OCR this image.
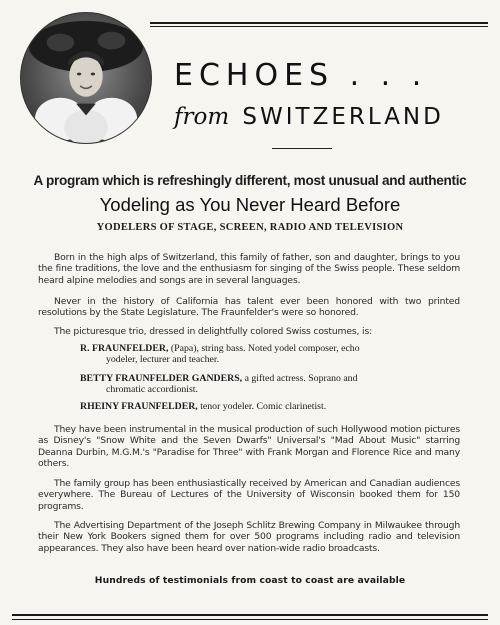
ECHOES . . .
from SWITZERLAND
A program which is refreshingly different, most unusual and authentic
Yodeling as You Never Heard Before
YODELERS OF STAGE, SCREEN, RADIO AND TELEVISION

Born in the high alps of Switzerland, this family of father, son and daughter, brings to you the fine traditions, the love and the enthusiasm for singing of the Swiss people. These seldom heard alpine melodies and songs are in several languages.

Never in the history of California has talent ever been honored with two printed resolutions by the State Legislature. The Fraunfelder's were so honored.

The picturesque trio, dressed in delightfully colored Swiss costumes, is:

R. FRAUNFELDER, (Papa), string bass. Noted yodel composer, echo
yodeler, lecturer and teacher.
BETTY FRAUNFELDER GANDERS, a gifted actress. Soprano and
chromatic accordionist.
RHEINY FRAUNFELDER, tenor yodeler. Comic clarinetist.

They have been instrumental in the musical production of such Hollywood motion pictures as Disney's "Snow White and the Seven Dwarfs" Universal's "Mad About Music" starring Deanna Durbin, M.G.M.'s "Paradise for Three" with Frank Morgan and Florence Rice and many others.

The family group has been enthusiastically received by American and Canadian audiences everywhere. The Bureau of Lectures of the University of Wisconsin booked them for 150 programs.

The Advertising Department of the Joseph Schlitz Brewing Company in Milwaukee through their New York Bookers signed them for over 500 programs including radio and television appearances. They also have been heard over nation-wide radio broadcasts.

Hundreds of testimonials from coast to coast are available
